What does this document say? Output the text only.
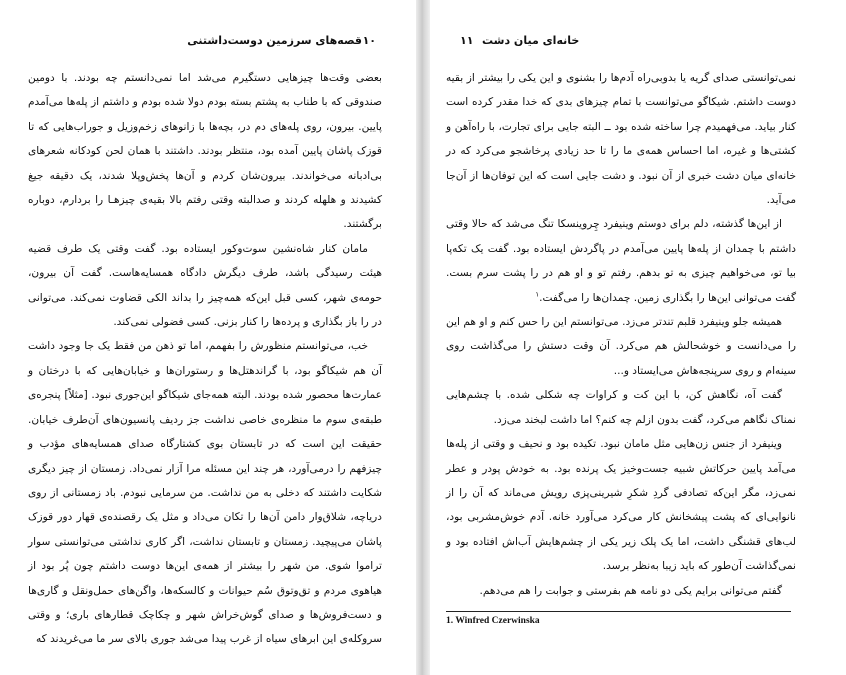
۱۰
قصه‌های سرزمین دوست‌داشتنی

بعضی وقت‌ها چیزهایی دستگیرم می‌شد اما نمی‌دانستم چه بودند. با دومین صندوقی که با طناب به پشتم بسته بودم دولا شده بودم و داشتم از پله‌ها می‌آمدم پایین. بیرون، روی پله‌های دم در، بچه‌ها با زانوهای زخم‌وزیل و جوراب‌هایی که تا قوزک پاشان پایین آمده بود، منتظر بودند. داشتند با همان لحن کودکانه شعرهای بی‌ادبانه می‌خواندند. بیرون‌شان کردم و آن‌ها پخش‌وپلا شدند، یک دقیقه جیغ کشیدند و هلهله کردند و صدالبته وقتی رفتم بالا بقیه‌ی چیزهـا را بردارم، دوباره برگشتند.

مامان کنار شاه‌نشین سوت‌وکور ایستاده بود. گفت وقتی یک طرف قضیه هیئت رسیدگی باشد، طرف دیگرش دادگاه همسایه‌هاست. گفت آن بیرون، حومه‌ی شهر، کسی قبل این‌که همه‌چیز را بداند الکی قضاوت نمی‌کند. می‌توانی در را باز بگذاری و پرده‌ها را کنار بزنی. کسی فضولی نمی‌کند.

خب، می‌توانستم منظورش را بفهمم، اما تو ذهن من فقط یک جا وجود داشت آن هم شیکاگو بود، با گراندهتل‌ها و رستوران‌ها و خیابان‌هایی که با درختان و عمارت‌ها محصور شده بودند. البته همه‌جای شیکاگو این‌جوری نبود. [مثلاً] پنجره‌ی طبقه‌ی سوم ما منظره‌ی خاصی نداشت جز ردیف پانسیون‌های آن‌طرف خیابان. حقیقت این است که در تابستان بوی کشتارگاه صدای همسایه‌های مؤدب و چیزفهم را درمی‌آورد، هر چند این مسئله مرا آزار نمی‌داد. زمستان از چیز دیگری شکایت داشتند که دخلی به من نداشت. من سرمایی نبودم. باد زمستانی از روی دریاچه، شلاق‌وار دامن آن‌ها را تکان می‌داد و مثل یک رقصنده‌ی قهار دور قوزک پاشان می‌پیچید. زمستان و تابستان نداشت، اگر کاری نداشتی می‌توانستی سوار تراموا شوی. من شهر را بیشتر از همه‌ی این‌ها دوست داشتم چون پُر بود از هیاهوی مردم و تق‌وتوق سُم حیوانات و کالسکه‌ها، واگن‌های حمل‌ونقل و گاری‌ها و دست‌فروش‌ها و صدای گوش‌خراش شهر و چکاچک قطارهای باری؛ و وقتی سروکله‌ی این ابرهای سیاه از غرب پیدا می‌شد جوری بالای سر ما می‌غریدند که

خانه‌ای میان دشت
۱۱

نمی‌توانستی صدای گریه یا بدوبی‌راه آدم‌ها را بشنوی و این یکی را بیشتر از بقیه دوست داشتم. شیکاگو می‌توانست با تمام چیزهای بدی که خدا مقدر کرده است کنار بیاید. می‌فهمیدم چرا ساخته شده بود ــ البته جایی برای تجارت، با راه‌آهن و کشتی‌ها و غیره، اما احساس همه‌ی ما را تا حد زیادی پرخاشجو می‌کرد که در خانه‌ای میان دشت خبری از آن نبود. و دشت جایی است که این توفان‌ها از آن‌جا می‌آید.

از این‌ها گذشته، دلم برای دوستم وینیفرد چِروینسکا تنگ می‌شد که حالا وقتی داشتم با چمدان از پله‌ها پایین می‌آمدم در پاگردش ایستاده بود. گفت یک تکه‌پا بیا تو، می‌خواهیم چیزی به تو بدهم. رفتم تو و او هم در را پشت سرم بست. گفت می‌توانی این‌ها را بگذاری زمین. چمدان‌ها را می‌گفت.$^۱$

همیشه جلو وینیفرد قلبم تندتر می‌زد. می‌توانستم این را حس کنم و او هم این را می‌دانست و خوشحالش هم می‌کرد. آن وقت دستش را می‌گذاشت روی سینه‌ام و روی سرپنجه‌هاش می‌ایستاد و...

گفت آه، نگاهش کن، با این کت و کراوات چه شکلی شده. با چشم‌هایی نمناک نگاهم می‌کرد، گفت بدون ازلم چه کنم؟ اما داشت لبخند می‌زد.

وینیفرد از جنس زن‌هایی مثل مامان نبود. تکیده بود و نحیف و وقتی از پله‌ها می‌آمد پایین حرکاتش شبیه جست‌وخیز یک پرنده بود. به خودش پودر و عطر نمی‌زد، مگر این‌که تصادفی گردِ شکرِ شیرینی‌پزی رویش می‌ماند که آن را از نانوایی‌ای که پشت پیشخانش کار می‌کرد می‌آورد خانه. آدم خوش‌مشربی بود، لب‌های قشنگی داشت، اما یک پلک زیر یکی از چشم‌هایش آب‌اش افتاده بود و نمی‌گذاشت آن‌طور که باید زیبا به‌نظر برسد.

گفتم می‌توانی برایم یکی دو نامه هم بفرستی و جوابت را هم می‌دهم.

1. Winfred Czerwinska
